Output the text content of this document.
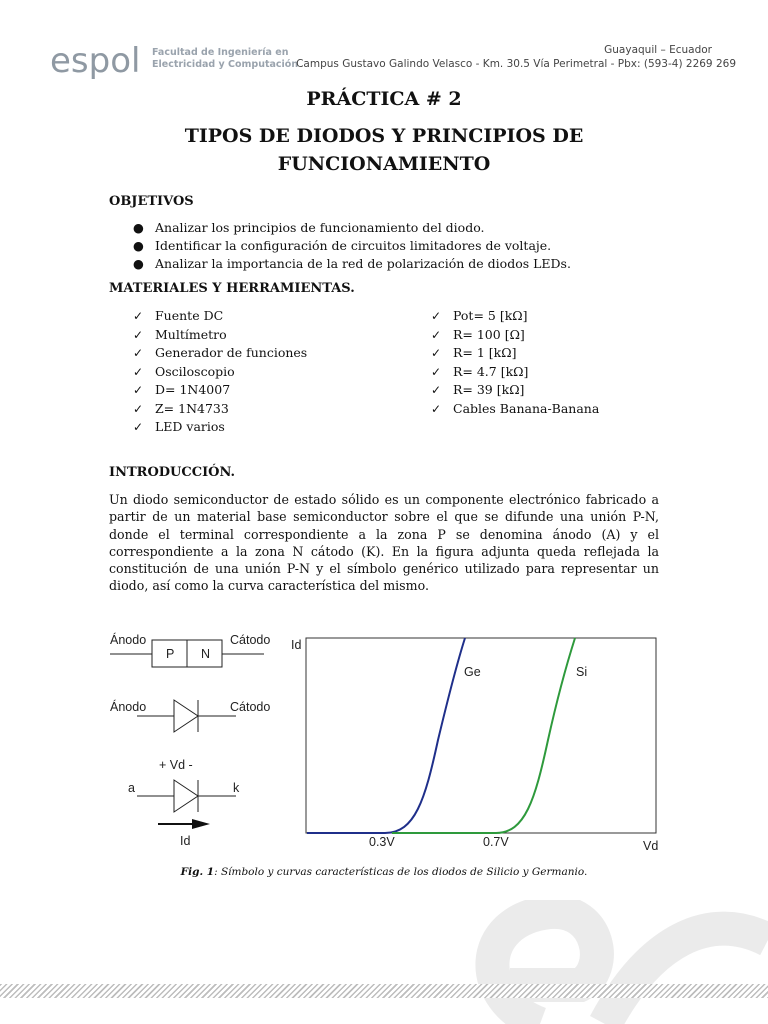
espol Facultad de Ingeniería en
Electricidad y Computación
Guayaquil – Ecuador
Campus Gustavo Galindo Velasco - Km. 30.5 Vía Perimetral - Pbx: (593-4) 2269 269
PRÁCTICA # 2
TIPOS DE DIODOS Y PRINCIPIOS DE FUNCIONAMIENTO
OBJETIVOS
● Analizar los principios de funcionamiento del diodo.
● Identificar la configuración de circuitos limitadores de voltaje.
● Analizar la importancia de la red de polarización de diodos LEDs.
MATERIALES Y HERRAMIENTAS.
✓ Fuente DC
✓ Multímetro
✓ Generador de funciones
✓ Osciloscopio
✓ D= 1N4007
✓ Z= 1N4733
✓ LED varios
✓ Pot= 5 [kΩ]
✓ R= 100 [Ω]
✓ R= 1 [kΩ]
✓ R= 4.7 [kΩ]
✓ R= 39 [kΩ]
✓ Cables Banana-Banana
INTRODUCCIÓN.

Un diodo semiconductor de estado sólido es un componente electrónico fabricado a partir de un material base semiconductor sobre el que se difunde una unión P-N, donde el terminal correspondiente a la zona P se denomina ánodo (A) y el correspondiente a la zona N cátodo (K). En la figura adjunta queda reflejada la constitución de una unión P-N y el símbolo genérico utilizado para representar un diodo, así como la curva característica del mismo.

Ánodo	Cátodo
P N
Ánodo	Cátodo
+ Vd -
a	k
Id
Id
Vd
0.3V	0.7V
Ge	Si
Fig. 1: Símbolo y curvas características de los diodos de Silicio y Germanio.
